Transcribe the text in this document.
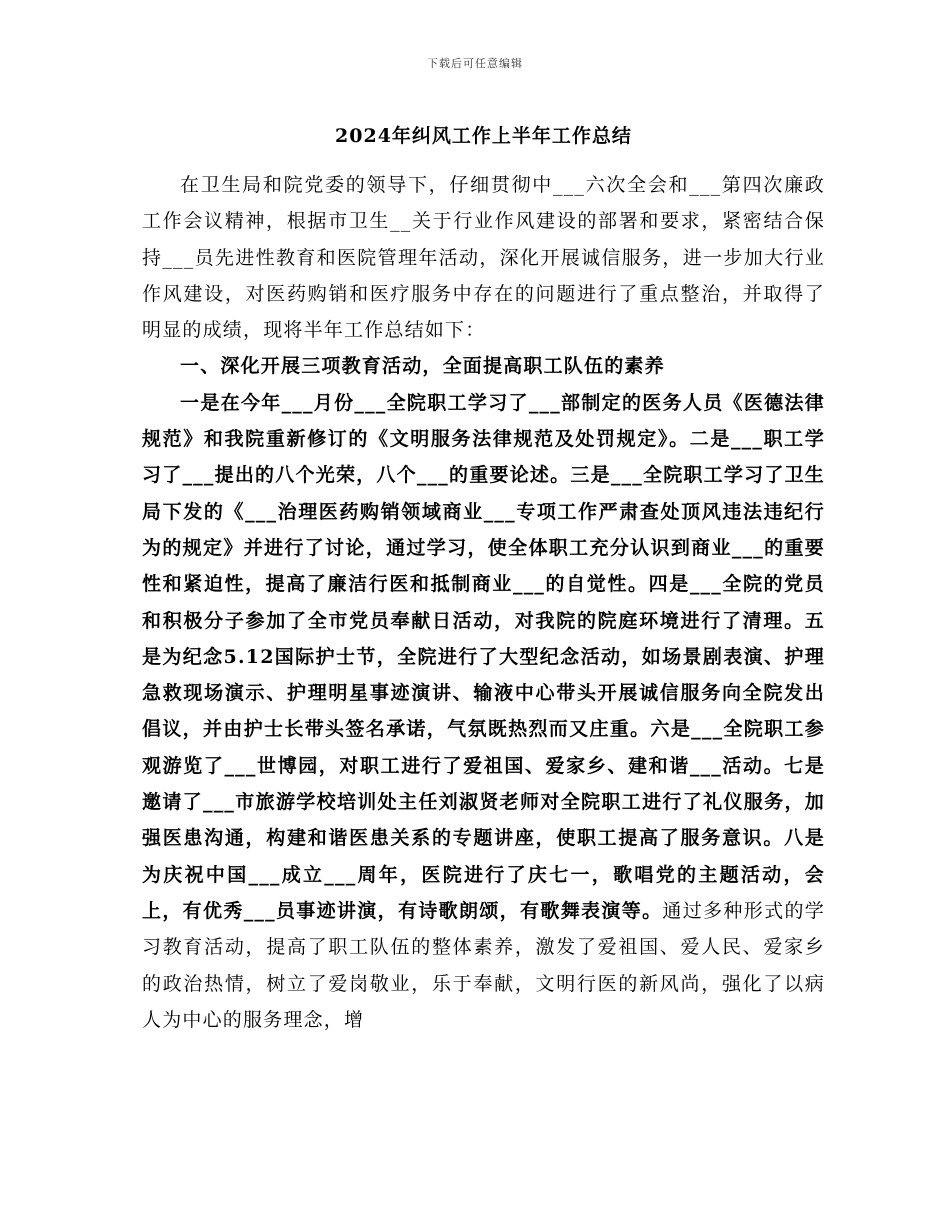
下载后可任意编辑
2024年纠风工作上半年工作总结

在卫生局和院党委的领导下，仔细贯彻中___六次全会和___第四次廉政工作会议精神，根据市卫生__关于行业作风建设的部署和要求，紧密结合保持___员先进性教育和医院管理年活动，深化开展诚信服务，进一步加大行业作风建设，对医药购销和医疗服务中存在的问题进行了重点整治，并取得了明显的成绩，现将半年工作总结如下：

一、深化开展三项教育活动，全面提高职工队伍的素养

一是在今年___月份___全院职工学习了___部制定的医务人员《医德法律规范》和我院重新修订的《文明服务法律规范及处罚规定》。二是___职工学习了___提出的八个光荣，八个___的重要论述。三是___全院职工学习了卫生局下发的《___治理医药购销领域商业___专项工作严肃查处顶风违法违纪行为的规定》并进行了讨论，通过学习，使全体职工充分认识到商业___的重要性和紧迫性，提高了廉洁行医和抵制商业___的自觉性。四是___全院的党员和积极分子参加了全市党员奉献日活动，对我院的院庭环境进行了清理。五是为纪念5.12国际护士节，全院进行了大型纪念活动，如场景剧表演、护理急救现场演示、护理明星事迹演讲、输液中心带头开展诚信服务向全院发出倡议，并由护士长带头签名承诺，气氛既热烈而又庄重。六是___全院职工参观游览了___世博园，对职工进行了爱祖国、爱家乡、建和谐___活动。七是邀请了___市旅游学校培训处主任刘淑贤老师对全院职工进行了礼仪服务，加强医患沟通，构建和谐医患关系的专题讲座，使职工提高了服务意识。八是为庆祝中国___成立___周年，医院进行了庆七一，歌唱党的主题活动，会上，有优秀___员事迹讲演，有诗歌朗颂，有歌舞表演等。通过多种形式的学习教育活动，提高了职工队伍的整体素养，激发了爱祖国、爱人民、爱家乡的政治热情，树立了爱岗敬业，乐于奉献，文明行医的新风尚，强化了以病人为中心的服务理念，增
